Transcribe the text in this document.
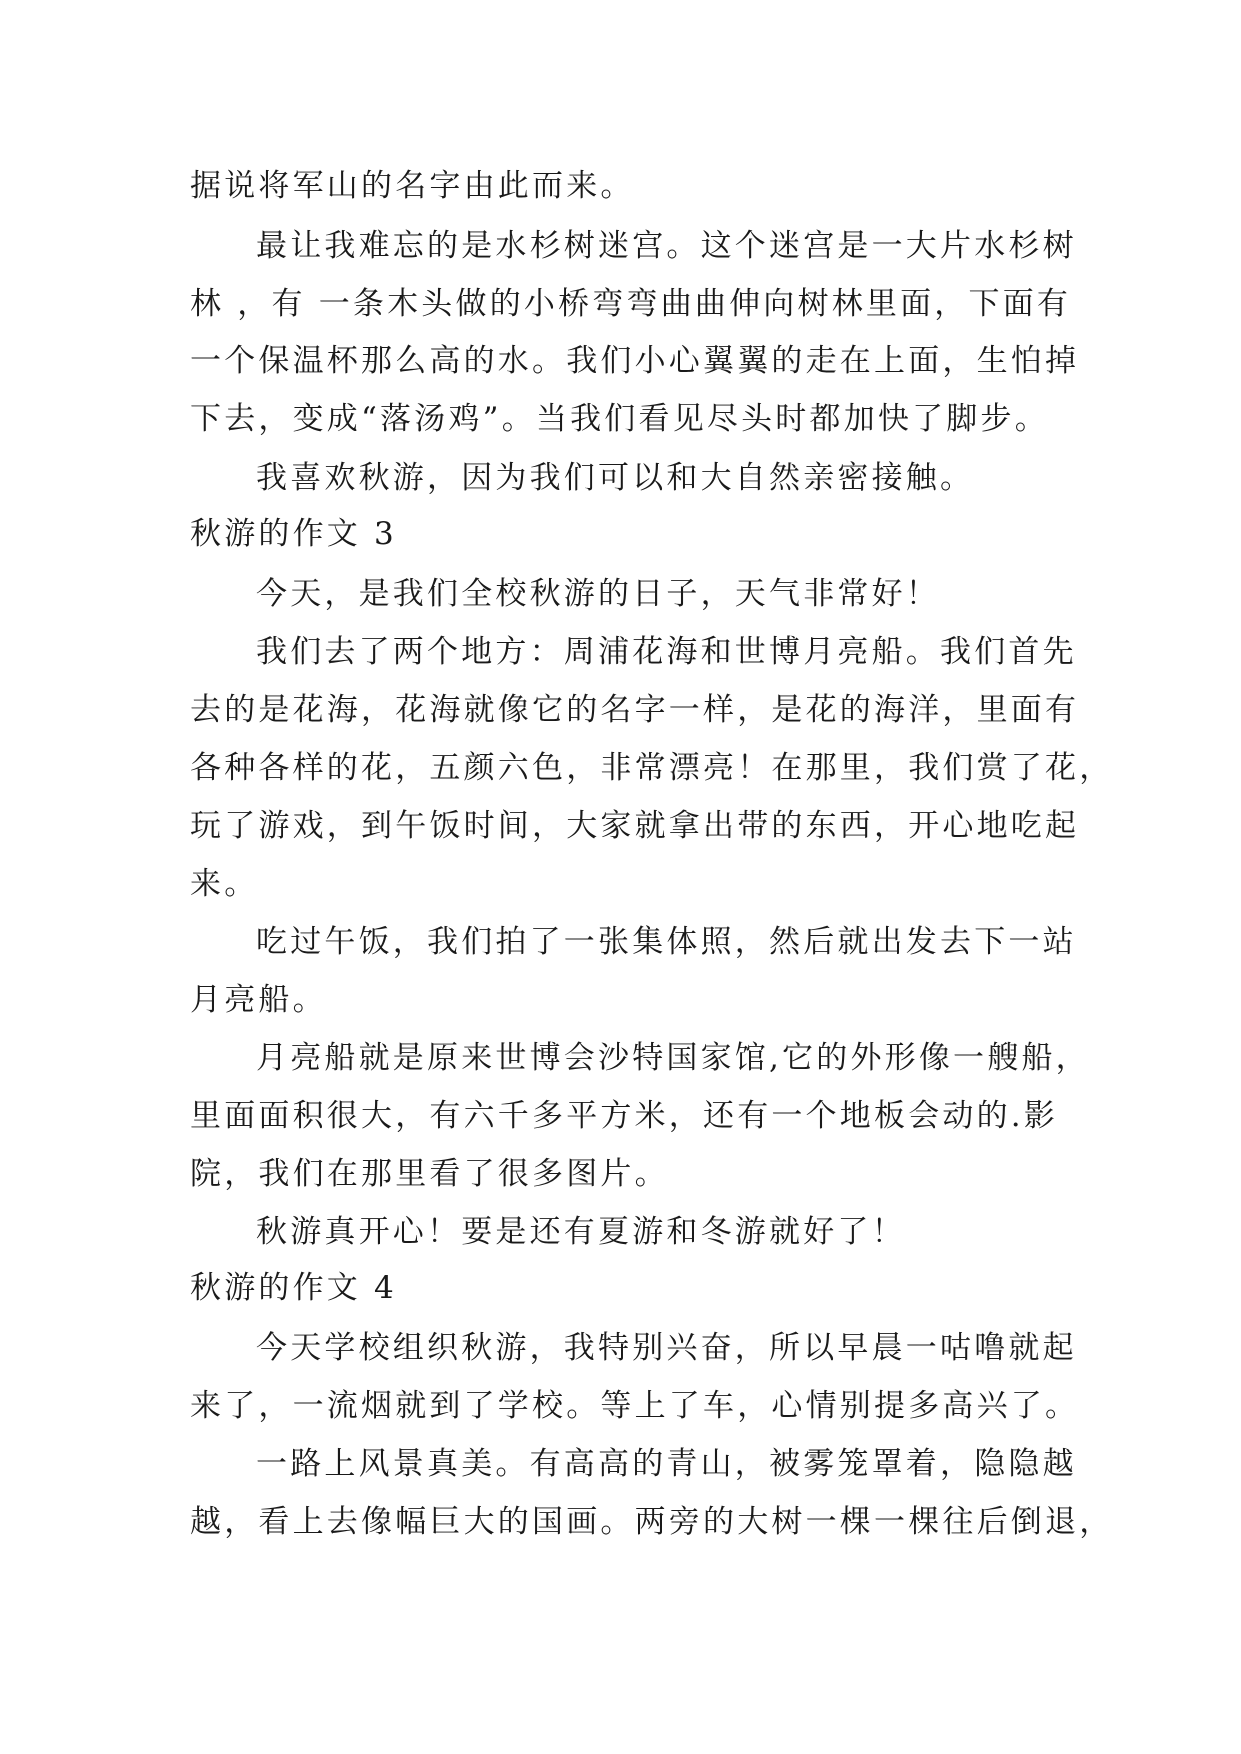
据说将军山的名字由此而来。
最让我难忘的是水杉树迷宫。这个迷宫是一大片水杉树
林 ，有 一条木头做的小桥弯弯曲曲伸向树林里面，下面有
一个保温杯那么高的水。我们小心翼翼的走在上面，生怕掉
下去，变成“落汤鸡”。当我们看见尽头时都加快了脚步。
我喜欢秋游，因为我们可以和大自然亲密接触。
秋游的作文 3
今天，是我们全校秋游的日子，天气非常好！
我们去了两个地方：周浦花海和世博月亮船。我们首先
去的是花海，花海就像它的名字一样，是花的海洋，里面有
各种各样的花，五颜六色，非常漂亮！在那里，我们赏了花，
玩了游戏，到午饭时间，大家就拿出带的东西，开心地吃起
来。
吃过午饭，我们拍了一张集体照，然后就出发去下一站
月亮船。
月亮船就是原来世博会沙特国家馆,它的外形像一艘船，
里面面积很大，有六千多平方米，还有一个地板会动的.影
院，我们在那里看了很多图片。
秋游真开心！要是还有夏游和冬游就好了！
秋游的作文 4
今天学校组织秋游，我特别兴奋，所以早晨一咕噜就起
来了，一流烟就到了学校。等上了车，心情别提多高兴了。
一路上风景真美。有高高的青山，被雾笼罩着，隐隐越
越，看上去像幅巨大的国画。两旁的大树一棵一棵往后倒退，
